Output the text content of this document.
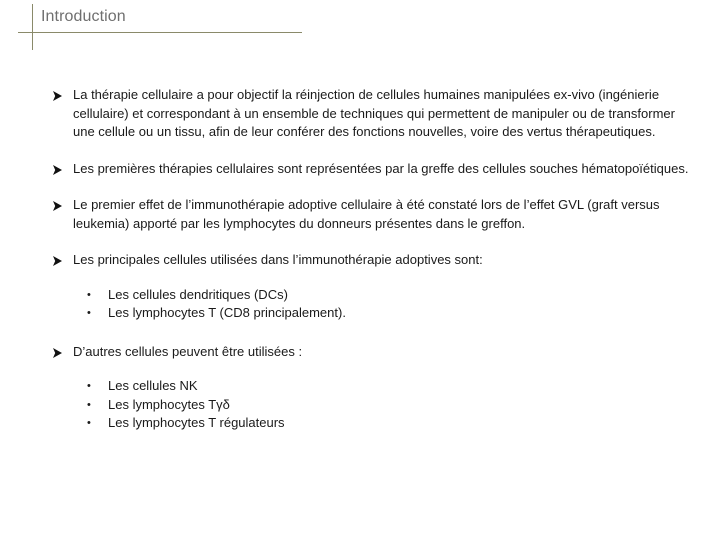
Introduction
La thérapie cellulaire a pour objectif la réinjection de cellules humaines manipulées ex-vivo (ingénierie cellulaire) et correspondant à un ensemble de techniques qui permettent de manipuler ou de transformer une cellule ou un tissu, afin de leur conférer des fonctions nouvelles, voire des vertus thérapeutiques.
Les premières thérapies cellulaires sont représentées par la greffe des cellules souches hématopoïétiques.
Le premier effet de l’immunothérapie adoptive cellulaire à été constaté lors de l’effet GVL (graft versus leukemia) apporté par les lymphocytes du donneurs présentes dans le greffon.
Les principales cellules utilisées dans l’immunothérapie adoptives sont:
• Les cellules dendritiques (DCs)
• Les lymphocytes T (CD8 principalement).
D’autres cellules peuvent être utilisées :
• Les cellules NK
• Les lymphocytes Tγδ
• Les lymphocytes T régulateurs
